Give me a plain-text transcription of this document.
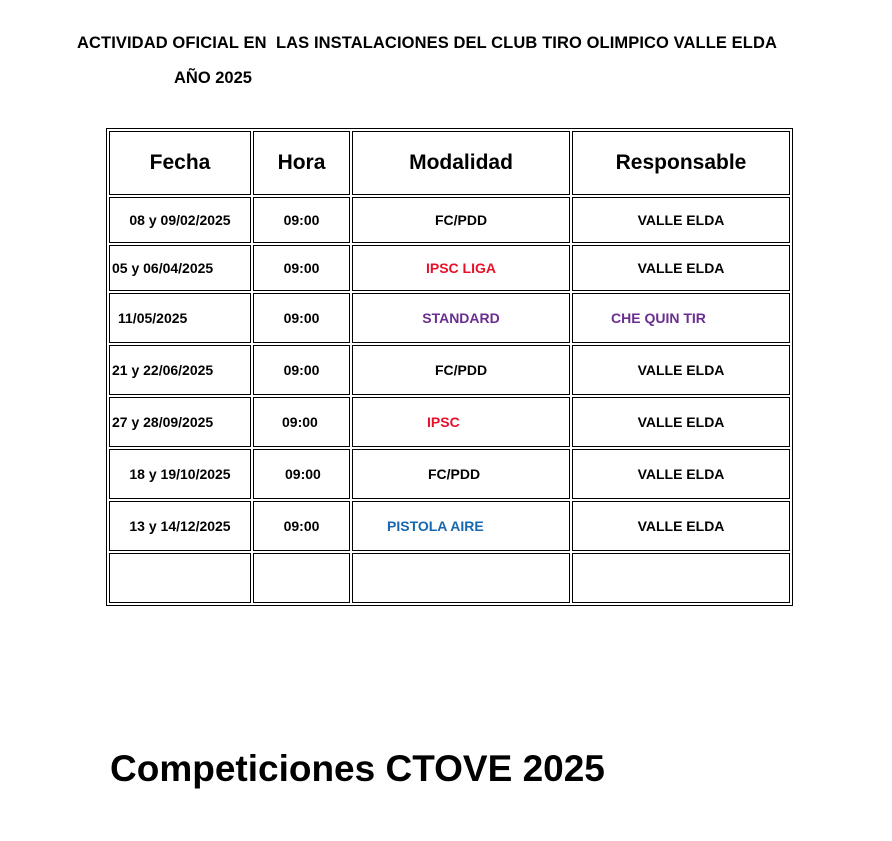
ACTIVIDAD OFICIAL EN  LAS INSTALACIONES DEL CLUB TIRO OLIMPICO VALLE ELDA
AÑO 2025
Fecha	Hora	Modalidad	Responsable
08 y 09/02/2025	09:00	FC/PDD	VALLE ELDA
05 y 06/04/2025	09:00	IPSC LIGA	VALLE ELDA
11/05/2025	09:00	STANDARD	CHE QUIN TIR
21 y 22/06/2025	09:00	FC/PDD	VALLE ELDA
27 y 28/09/2025	09:00	IPSC	VALLE ELDA
18 y 19/10/2025	09:00	FC/PDD	VALLE ELDA
13 y 14/12/2025	09:00	PISTOLA AIRE	VALLE ELDA

Competiciones CTOVE 2025
